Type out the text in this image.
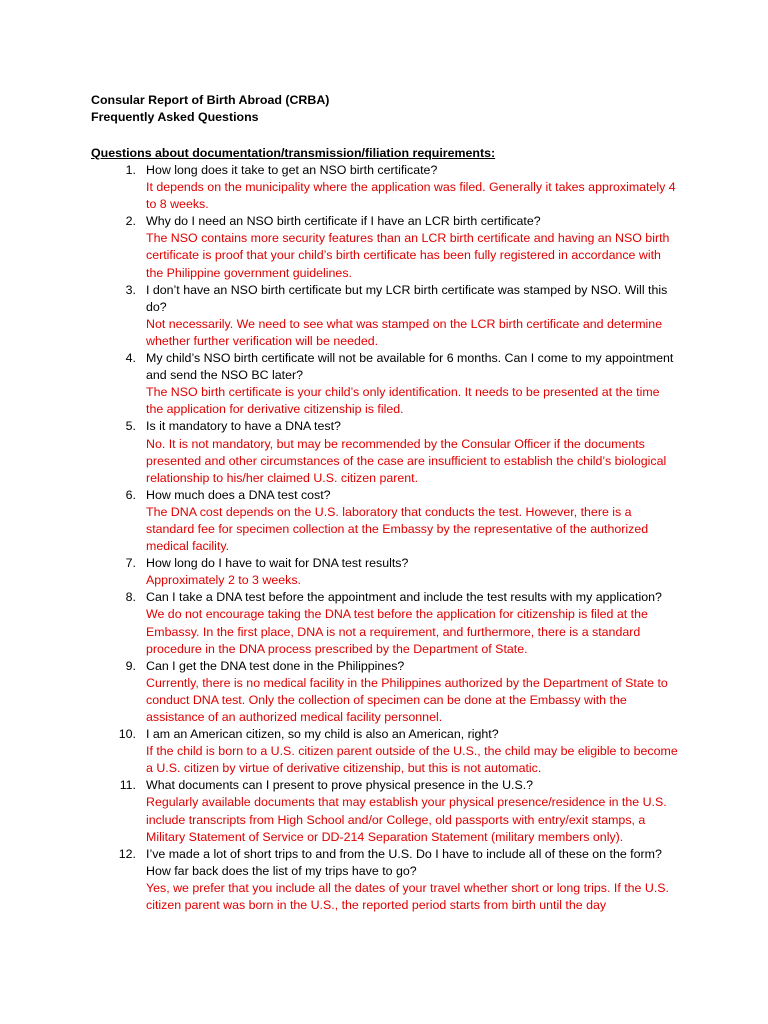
Consular Report of Birth Abroad (CRBA)
Frequently Asked Questions
Questions about documentation/transmission/filiation requirements:
1. How long does it take to get an NSO birth certificate?
It depends on the municipality where the application was filed. Generally it takes approximately 4 to 8 weeks.
2. Why do I need an NSO birth certificate if I have an LCR birth certificate?
The NSO contains more security features than an LCR birth certificate and having an NSO birth certificate is proof that your child’s birth certificate has been fully registered in accordance with the Philippine government guidelines.
3. I don’t have an NSO birth certificate but my LCR birth certificate was stamped by NSO. Will this do?
Not necessarily. We need to see what was stamped on the LCR birth certificate and determine whether further verification will be needed.
4. My child’s NSO birth certificate will not be available for 6 months. Can I come to my appointment and send the NSO BC later?
The NSO birth certificate is your child’s only identification. It needs to be presented at the time the application for derivative citizenship is filed.
5. Is it mandatory to have a DNA test?
No. It is not mandatory, but may be recommended by the Consular Officer if the documents presented and other circumstances of the case are insufficient to establish the child’s biological relationship to his/her claimed U.S. citizen parent.
6. How much does a DNA test cost?
The DNA cost depends on the U.S. laboratory that conducts the test. However, there is a standard fee for specimen collection at the Embassy by the representative of the authorized medical facility.
7. How long do I have to wait for DNA test results?
Approximately 2 to 3 weeks.
8. Can I take a DNA test before the appointment and include the test results with my application?
We do not encourage taking the DNA test before the application for citizenship is filed at the Embassy. In the first place, DNA is not a requirement, and furthermore, there is a standard procedure in the DNA process prescribed by the Department of State.
9. Can I get the DNA test done in the Philippines?
Currently, there is no medical facility in the Philippines authorized by the Department of State to conduct DNA test. Only the collection of specimen can be done at the Embassy with the assistance of an authorized medical facility personnel.
10. I am an American citizen, so my child is also an American, right?
If the child is born to a U.S. citizen parent outside of the U.S., the child may be eligible to become a U.S. citizen by virtue of derivative citizenship, but this is not automatic.
11. What documents can I present to prove physical presence in the U.S.?
Regularly available documents that may establish your physical presence/residence in the U.S. include transcripts from High School and/or College, old passports with entry/exit stamps, a Military Statement of Service or DD-214 Separation Statement (military members only).
12. I’ve made a lot of short trips to and from the U.S. Do I have to include all of these on the form?
How far back does the list of my trips have to go?
Yes, we prefer that you include all the dates of your travel whether short or long trips. If the U.S. citizen parent was born in the U.S., the reported period starts from birth until the day
